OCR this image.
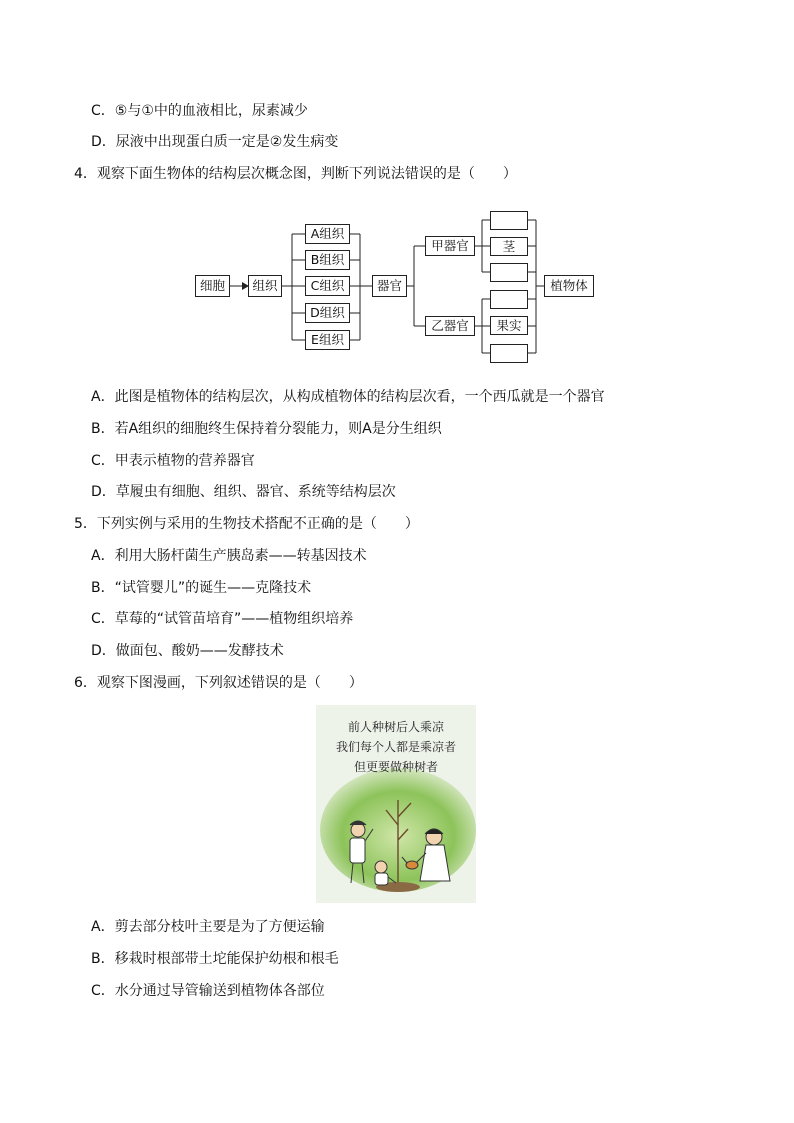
C．⑤与①中的血液相比，尿素减少
D．尿液中出现蛋白质一定是②发生病变
4．观察下面生物体的结构层次概念图，判断下列说法错误的是（　　）
细胞	组织
A组织
B组织
C组织
D组织
E组织
器官
甲器官
乙器官
茎
果实
植物体
A．此图是植物体的结构层次，从构成植物体的结构层次看，一个西瓜就是一个器官
B．若A组织的细胞终生保持着分裂能力，则A是分生组织
C．甲表示植物的营养器官
D．草履虫有细胞、组织、器官、系统等结构层次
5．下列实例与采用的生物技术搭配不正确的是（　　）
A．利用大肠杆菌生产胰岛素——转基因技术
B．“试管婴儿”的诞生——克隆技术
C．草莓的“试管苗培育”——植物组织培养
D．做面包、酸奶——发酵技术
6．观察下图漫画，下列叙述错误的是（　　）
前人种树后人乘凉
我们每个人都是乘凉者
但更要做种树者
A．剪去部分枝叶主要是为了方便运输
B．移栽时根部带土坨能保护幼根和根毛
C．水分通过导管输送到植物体各部位
